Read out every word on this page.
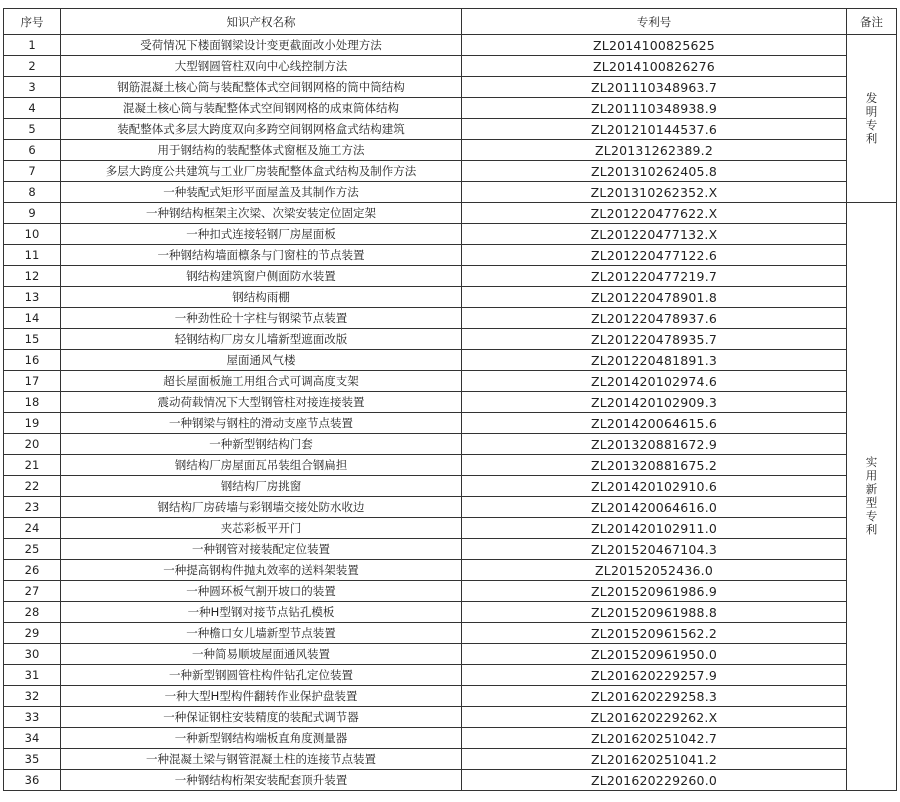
序号	知识产权名称	专利号	备注
1	受荷情况下楼面钢梁设计变更截面改小处理方法	ZL2014100825625	发明专利
2	大型钢圆管柱双向中心线控制方法	ZL2014100826276	
3	钢筋混凝土核心筒与装配整体式空间钢网格的筒中筒结构	ZL201110348963.7	
4	混凝土核心筒与装配整体式空间钢网格的成束筒体结构	ZL201110348938.9	
5	装配整体式多层大跨度双向多跨空间钢网格盒式结构建筑	ZL201210144537.6	
6	用于钢结构的装配整体式窗框及施工方法	ZL20131262389.2	
7	多层大跨度公共建筑与工业厂房装配整体盒式结构及制作方法	ZL201310262405.8	
8	一种装配式矩形平面屋盖及其制作方法	ZL201310262352.X	
9	一种钢结构框架主次梁、次梁安装定位固定架	ZL201220477622.X	实用新型专利
10	一种扣式连接轻钢厂房屋面板	ZL201220477132.X	
11	一种钢结构墙面檩条与门窗柱的节点装置	ZL201220477122.6	
12	钢结构建筑窗户侧面防水装置	ZL201220477219.7	
13	钢结构雨棚	ZL201220478901.8	
14	一种劲性砼十字柱与钢梁节点装置	ZL201220478937.6	
15	轻钢结构厂房女儿墙新型遮面改版	ZL201220478935.7	
16	屋面通风气楼	ZL201220481891.3	
17	超长屋面板施工用组合式可调高度支架	ZL201420102974.6	
18	震动荷载情况下大型钢管柱对接连接装置	ZL201420102909.3	
19	一种钢梁与钢柱的滑动支座节点装置	ZL201420064615.6	
20	一种新型钢结构门套	ZL201320881672.9	
21	钢结构厂房屋面瓦吊装组合钢扁担	ZL201320881675.2	
22	钢结构厂房挑窗	ZL201420102910.6	
23	钢结构厂房砖墙与彩钢墙交接处防水收边	ZL201420064616.0	
24	夹芯彩板平开门	ZL201420102911.0	
25	一种钢管对接装配定位装置	ZL201520467104.3	
26	一种提高钢构件抛丸效率的送料架装置	ZL20152052436.0	
27	一种圆环板气割开坡口的装置	ZL201520961986.9	
28	一种H型钢对接节点钻孔模板	ZL201520961988.8	
29	一种檐口女儿墙新型节点装置	ZL201520961562.2	
30	一种简易顺坡屋面通风装置	ZL201520961950.0	
31	一种新型钢圆管柱构件钻孔定位装置	ZL201620229257.9	
32	一种大型H型构件翻转作业保护盘装置	ZL201620229258.3	
33	一种保证钢柱安装精度的装配式调节器	ZL201620229262.X	
34	一种新型钢结构端板直角度测量器	ZL201620251042.7	
35	一种混凝土梁与钢管混凝土柱的连接节点装置	ZL201620251041.2	
36	一种钢结构桁架安装配套顶升装置	ZL201620229260.0	
